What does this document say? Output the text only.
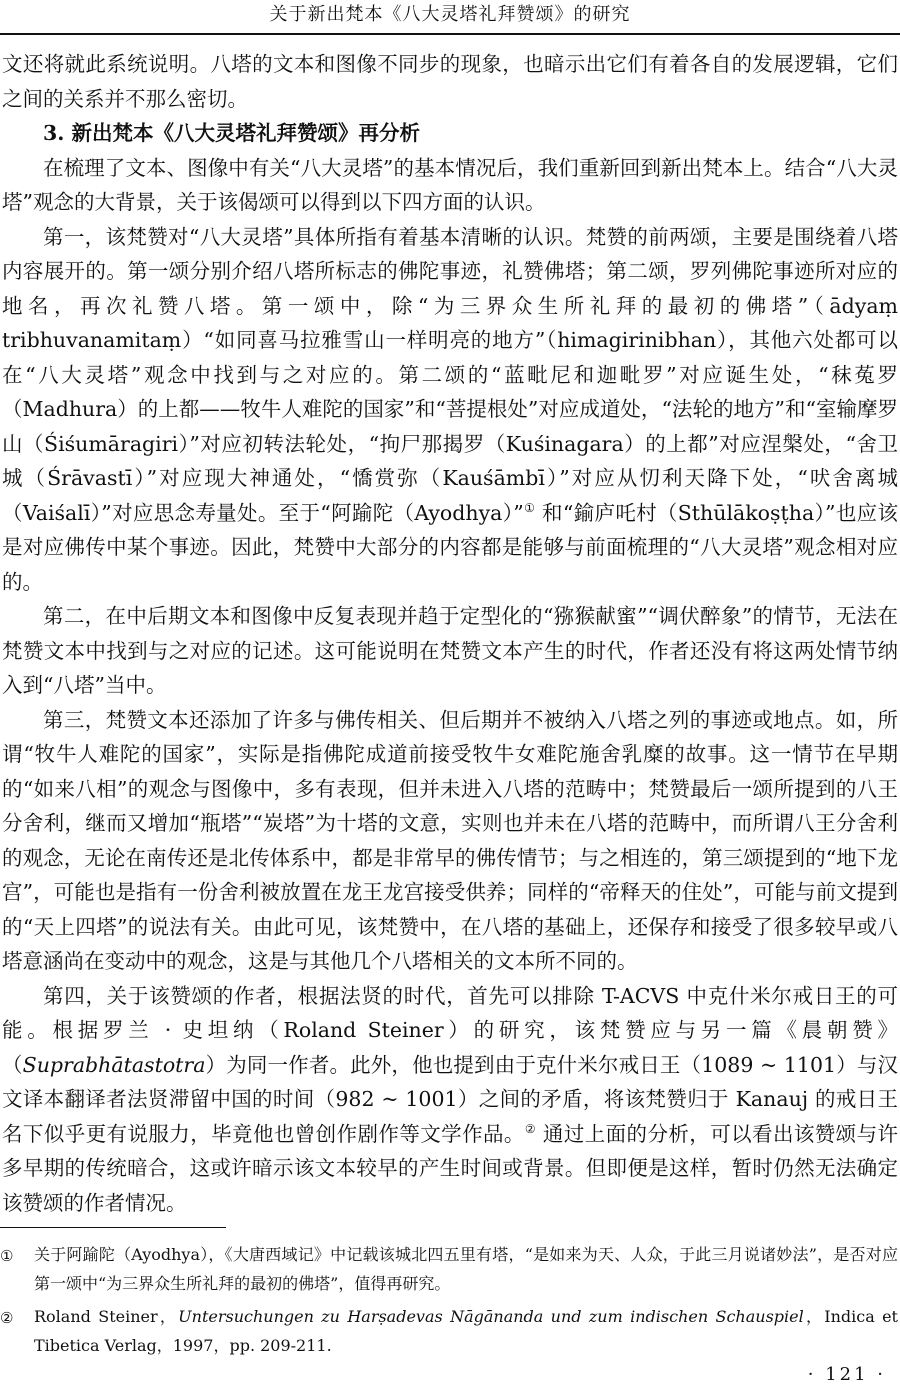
关于新出梵本《八大灵塔礼拜赞颂》的研究

文还将就此系统说明。八塔的文本和图像不同步的现象，也暗示出它们有着各自的发展逻辑，它们之间的关系并不那么密切。

3. 新出梵本《八大灵塔礼拜赞颂》再分析

在梳理了文本、图像中有关“八大灵塔”的基本情况后，我们重新回到新出梵本上。结合“八大灵塔”观念的大背景，关于该偈颂可以得到以下四方面的认识。

第一，该梵赞对“八大灵塔”具体所指有着基本清晰的认识。梵赞的前两颂，主要是围绕着八塔内容展开的。第一颂分别介绍八塔所标志的佛陀事迹，礼赞佛塔；第二颂，罗列佛陀事迹所对应的地名，再次礼赞八塔。第一颂中，除“为三界众生所礼拜的最初的佛塔”（ādyaṃ tribhuvanamitaṃ）“如同喜马拉雅雪山一样明亮的地方”（himagirinibhan），其他六处都可以在“八大灵塔”观念中找到与之对应的。第二颂的“蓝毗尼和迦毗罗”对应诞生处，“秣菟罗（Madhura）的上都——牧牛人难陀的国家”和“菩提根处”对应成道处，“法轮的地方”和“室输摩罗山（Śiśumāragiri）”对应初转法轮处，“拘尸那揭罗（Kuśinagara）的上都”对应涅槃处，“舍卫城（Śrāvastī）”对应现大神通处，“憍赏弥（Kauśāmbī）”对应从忉利天降下处，“吠舍离城（Vaiśalī）”对应思念寿量处。至于“阿踰陀（Ayodhya）”① 和“鍮庐吒村（Sthūlākoṣṭha）”也应该是对应佛传中某个事迹。因此，梵赞中大部分的内容都是能够与前面梳理的“八大灵塔”观念相对应的。

第二，在中后期文本和图像中反复表现并趋于定型化的“猕猴献蜜”“调伏醉象”的情节，无法在梵赞文本中找到与之对应的记述。这可能说明在梵赞文本产生的时代，作者还没有将这两处情节纳入到“八塔”当中。

第三，梵赞文本还添加了许多与佛传相关、但后期并不被纳入八塔之列的事迹或地点。如，所谓“牧牛人难陀的国家”，实际是指佛陀成道前接受牧牛女难陀施舍乳糜的故事。这一情节在早期的“如来八相”的观念与图像中，多有表现，但并未进入八塔的范畴中；梵赞最后一颂所提到的八王分舍利，继而又增加“瓶塔”“炭塔”为十塔的文意，实则也并未在八塔的范畴中，而所谓八王分舍利的观念，无论在南传还是北传体系中，都是非常早的佛传情节；与之相连的，第三颂提到的“地下龙宫”，可能也是指有一份舍利被放置在龙王龙宫接受供养；同样的“帝释天的住处”，可能与前文提到的“天上四塔”的说法有关。由此可见，该梵赞中，在八塔的基础上，还保存和接受了很多较早或八塔意涵尚在变动中的观念，这是与其他几个八塔相关的文本所不同的。

第四，关于该赞颂的作者，根据法贤的时代，首先可以排除 T-ACVS 中克什米尔戒日王的可能。根据罗兰 · 史坦纳（Roland Steiner）的研究，该梵赞应与另一篇《晨朝赞》（Suprabhātastotra）为同一作者。此外，他也提到由于克什米尔戒日王（1089 ~ 1101）与汉文译本翻译者法贤滞留中国的时间（982 ~ 1001）之间的矛盾，将该梵赞归于 Kanauj 的戒日王名下似乎更有说服力，毕竟他也曾创作剧作等文学作品。② 通过上面的分析，可以看出该赞颂与许多早期的传统暗合，这或许暗示该文本较早的产生时间或背景。但即便是这样，暂时仍然无法确定该赞颂的作者情况。

① 关于阿踰陀（Ayodhya），《大唐西域记》中记载该城北四五里有塔，“是如来为天、人众，于此三月说诸妙法”，是否对应第一颂中“为三界众生所礼拜的最初的佛塔”，值得再研究。

② Roland Steiner，Untersuchungen zu Harṣadevas Nāgānanda und zum indischen Schauspiel，Indica et Tibetica Verlag，1997，pp. 209-211.

· 121 ·
